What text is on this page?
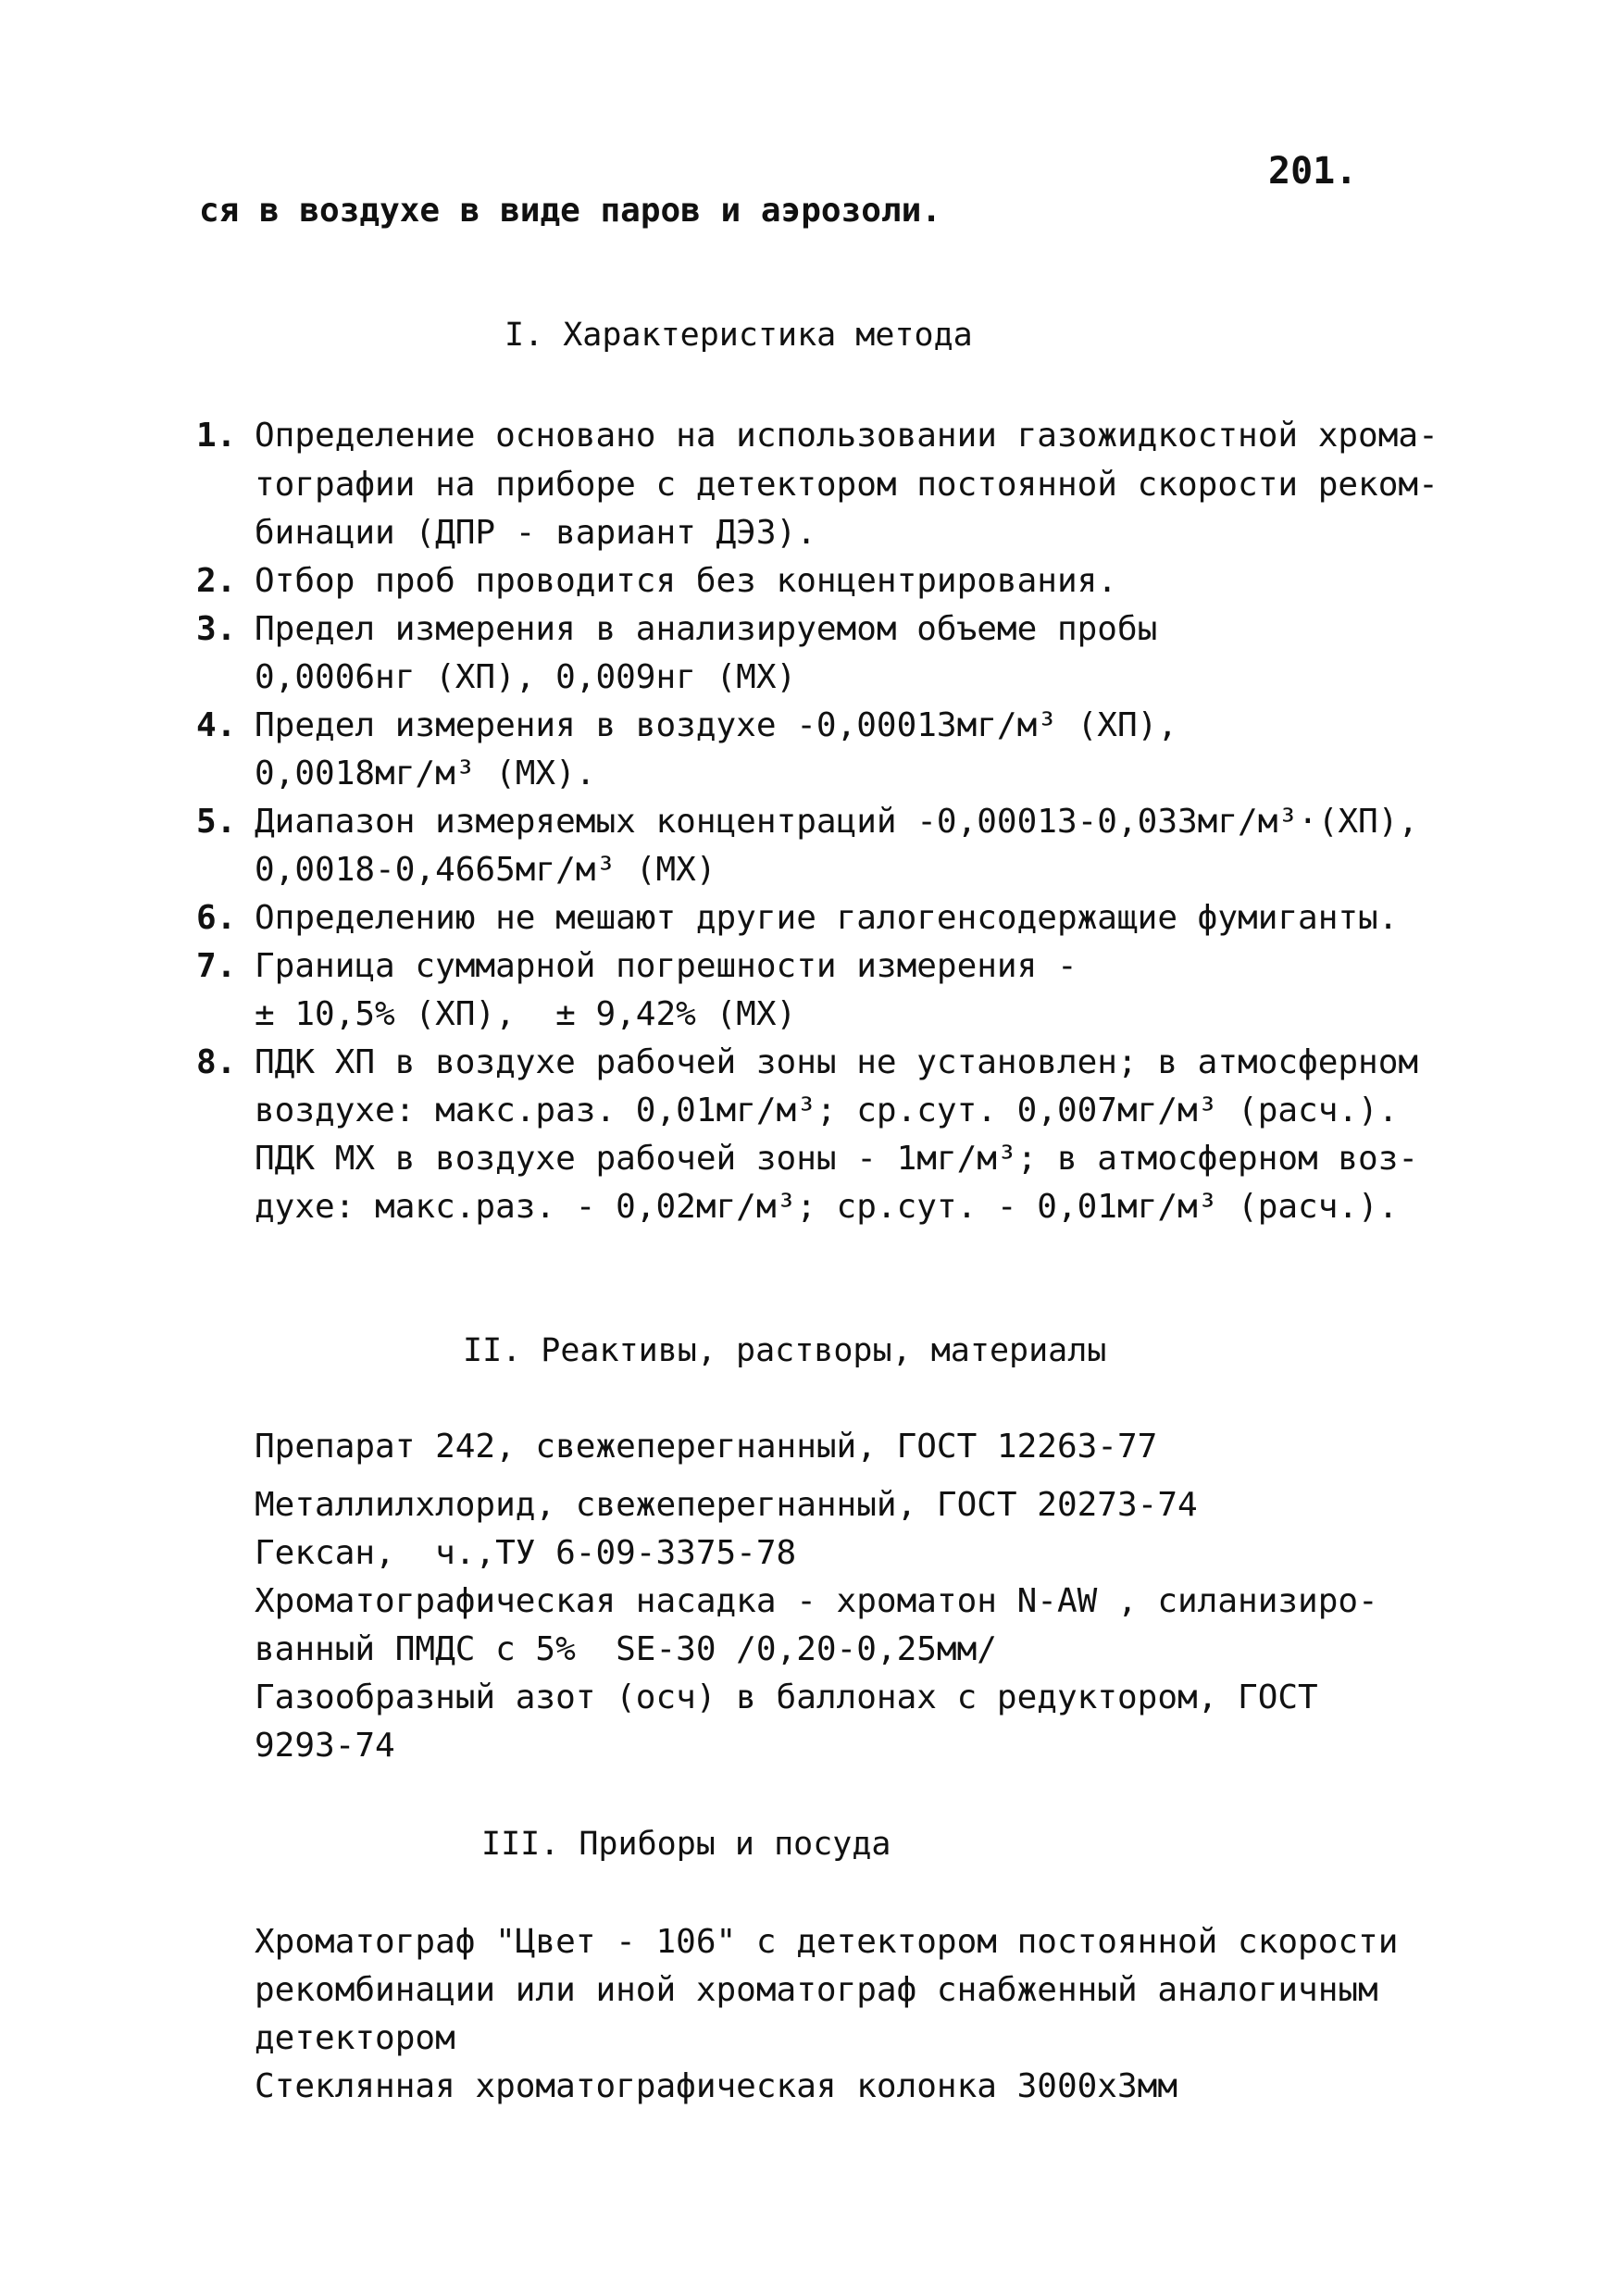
201.
ся в воздухе в виде паров и аэрозоли.
I. Характеристика метода
1. Определение основано на использовании газожидкостной хрома-
тографии на приборе с детектором постоянной скорости реком-
бинации (ДПР - вариант ДЭЗ).
2. Отбор проб проводится без концентрирования.
3. Предел измерения в анализируемом объеме пробы
0,0006нг (ХП), 0,009нг (МХ)
4. Предел измерения в воздухе -0,00013мг/м³ (ХП),
0,0018мг/м³ (МХ).
5. Диапазон измеряемых концентраций -0,00013-0,033мг/м³·(ХП),
0,0018-0,4665мг/м³ (МХ)
6. Определению не мешают другие галогенсодержащие фумиганты.
7. Граница суммарной погрешности измерения -
± 10,5% (ХП),  ± 9,42% (МХ)
8. ПДК ХП в воздухе рабочей зоны не установлен; в атмосферном
воздухе: макс.раз. 0,01мг/м³; ср.сут. 0,007мг/м³ (расч.).
ПДК МХ в воздухе рабочей зоны - 1мг/м³; в атмосферном воз-
духе: макс.раз. - 0,02мг/м³; ср.сут. - 0,01мг/м³ (расч.).
II. Реактивы, растворы, материалы
Препарат 242, свежеперегнанный, ГОСТ 12263-77
Металлилхлорид, свежеперегнанный, ГОСТ 20273-74
Гексан,  ч.,ТУ 6-09-3375-78
Хроматографическая насадка - хроматон N-AW , силанизиро-
ванный ПМДС с 5%  SE-30 /0,20-0,25мм/
Газообразный азот (осч) в баллонах с редуктором, ГОСТ
9293-74
III. Приборы и посуда
Хроматограф "Цвет - 106" с детектором постоянной скорости
рекомбинации или иной хроматограф снабженный аналогичным
детектором
Стеклянная хроматографическая колонка 3000х3мм
